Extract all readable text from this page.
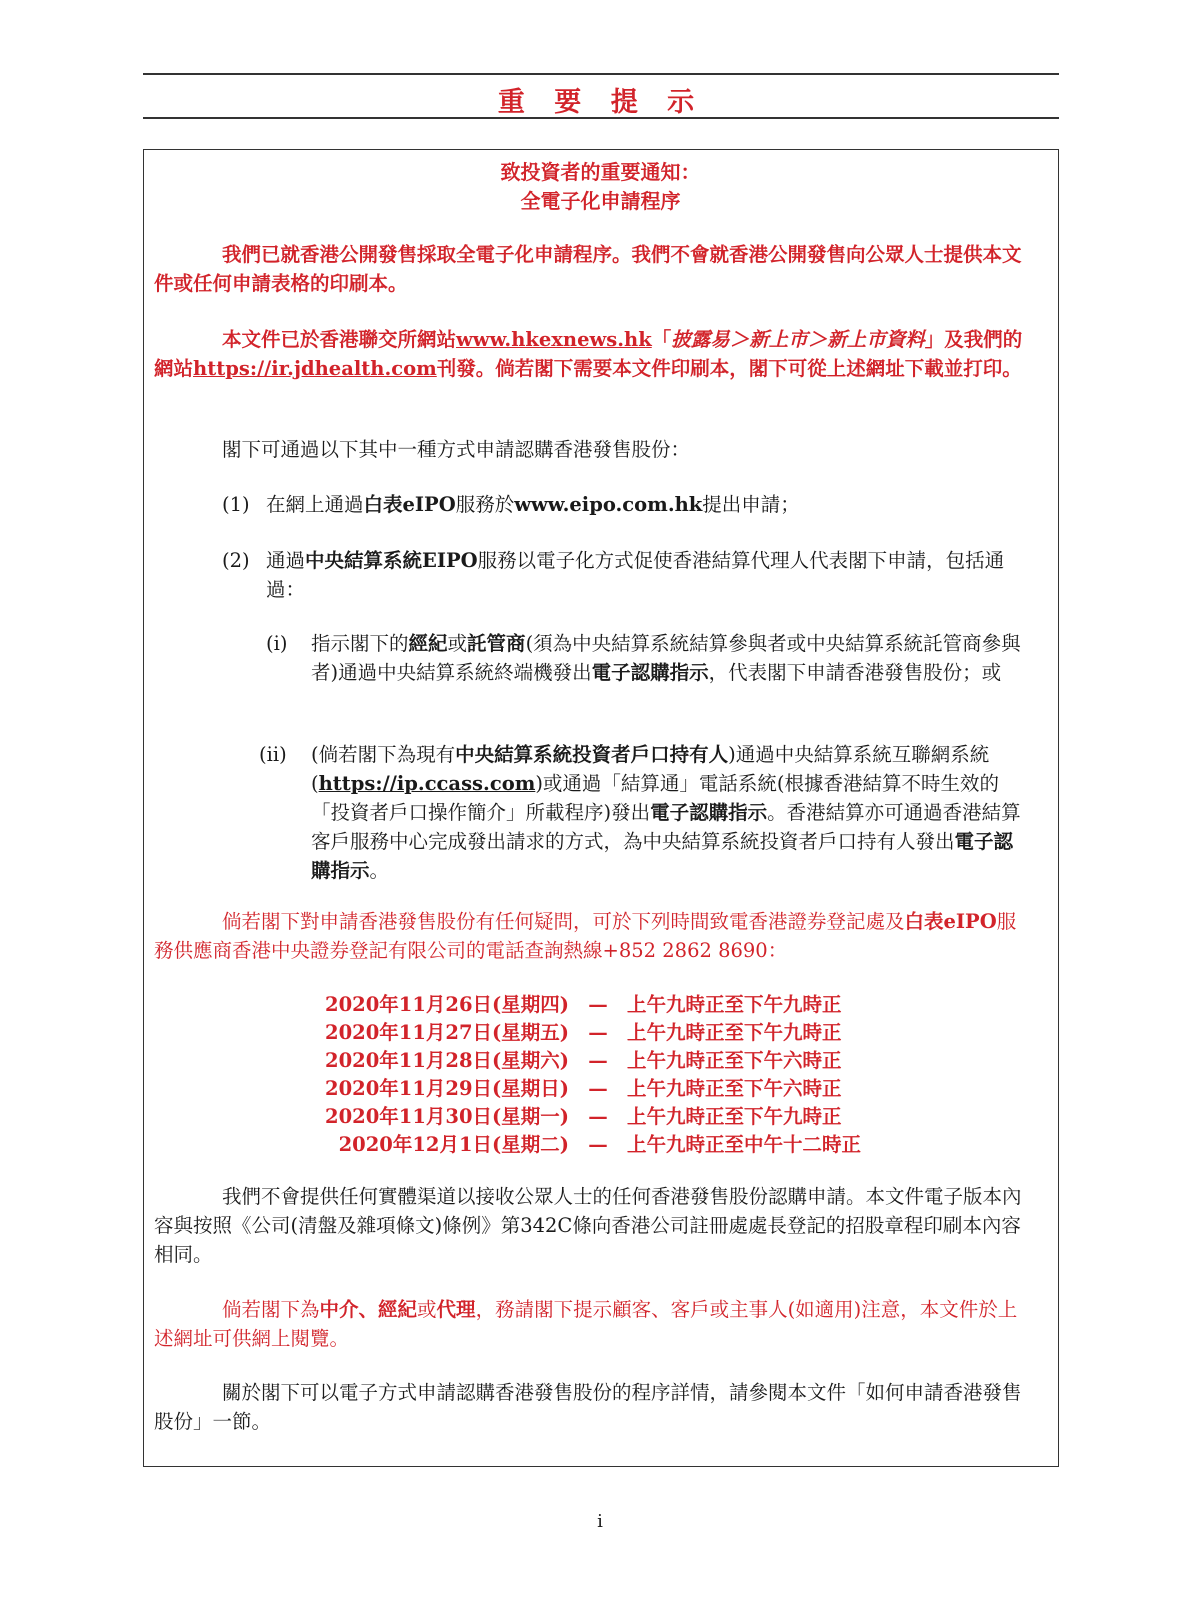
重 要 提 示
致投資者的重要通知：
全電子化申請程序
我們已就香港公開發售採取全電子化申請程序。我們不會就香港公開發售向公眾人士提供本文件或任何申請表格的印刷本。
本文件已於香港聯交所網站www.hkexnews.hk「披露易＞新上市＞新上市資料」及我們的網站https://ir.jdhealth.com刊發。倘若閣下需要本文件印刷本，閣下可從上述網址下載並打印。
閣下可通過以下其中一種方式申請認購香港發售股份：
(1) 在網上通過白表eIPO服務於www.eipo.com.hk提出申請；
(2) 通過中央結算系統EIPO服務以電子化方式促使香港結算代理人代表閣下申請，包括通過：
(i) 指示閣下的經紀或託管商(須為中央結算系統結算參與者或中央結算系統託管商參與者)通過中央結算系統終端機發出電子認購指示，代表閣下申請香港發售股份；或
(ii) (倘若閣下為現有中央結算系統投資者戶口持有人)通過中央結算系統互聯網系統(https://ip.ccass.com)或通過「結算通」電話系統(根據香港結算不時生效的「投資者戶口操作簡介」所載程序)發出電子認購指示。香港結算亦可通過香港結算客戶服務中心完成發出請求的方式，為中央結算系統投資者戶口持有人發出電子認購指示。
倘若閣下對申請香港發售股份有任何疑問，可於下列時間致電香港證券登記處及白表eIPO服務供應商香港中央證券登記有限公司的電話查詢熱線+852 2862 8690：
2020年11月26日(星期四) — 上午九時正至下午九時正
2020年11月27日(星期五) — 上午九時正至下午九時正
2020年11月28日(星期六) — 上午九時正至下午六時正
2020年11月29日(星期日) — 上午九時正至下午六時正
2020年11月30日(星期一) — 上午九時正至下午九時正
2020年12月1日(星期二) — 上午九時正至中午十二時正
我們不會提供任何實體渠道以接收公眾人士的任何香港發售股份認購申請。本文件電子版本內容與按照《公司(清盤及雜項條文)條例》第342C條向香港公司註冊處處長登記的招股章程印刷本內容相同。
倘若閣下為中介、經紀或代理，務請閣下提示顧客、客戶或主事人(如適用)注意，本文件於上述網址可供網上閱覽。
關於閣下可以電子方式申請認購香港發售股份的程序詳情，請參閱本文件「如何申請香港發售股份」一節。
i
